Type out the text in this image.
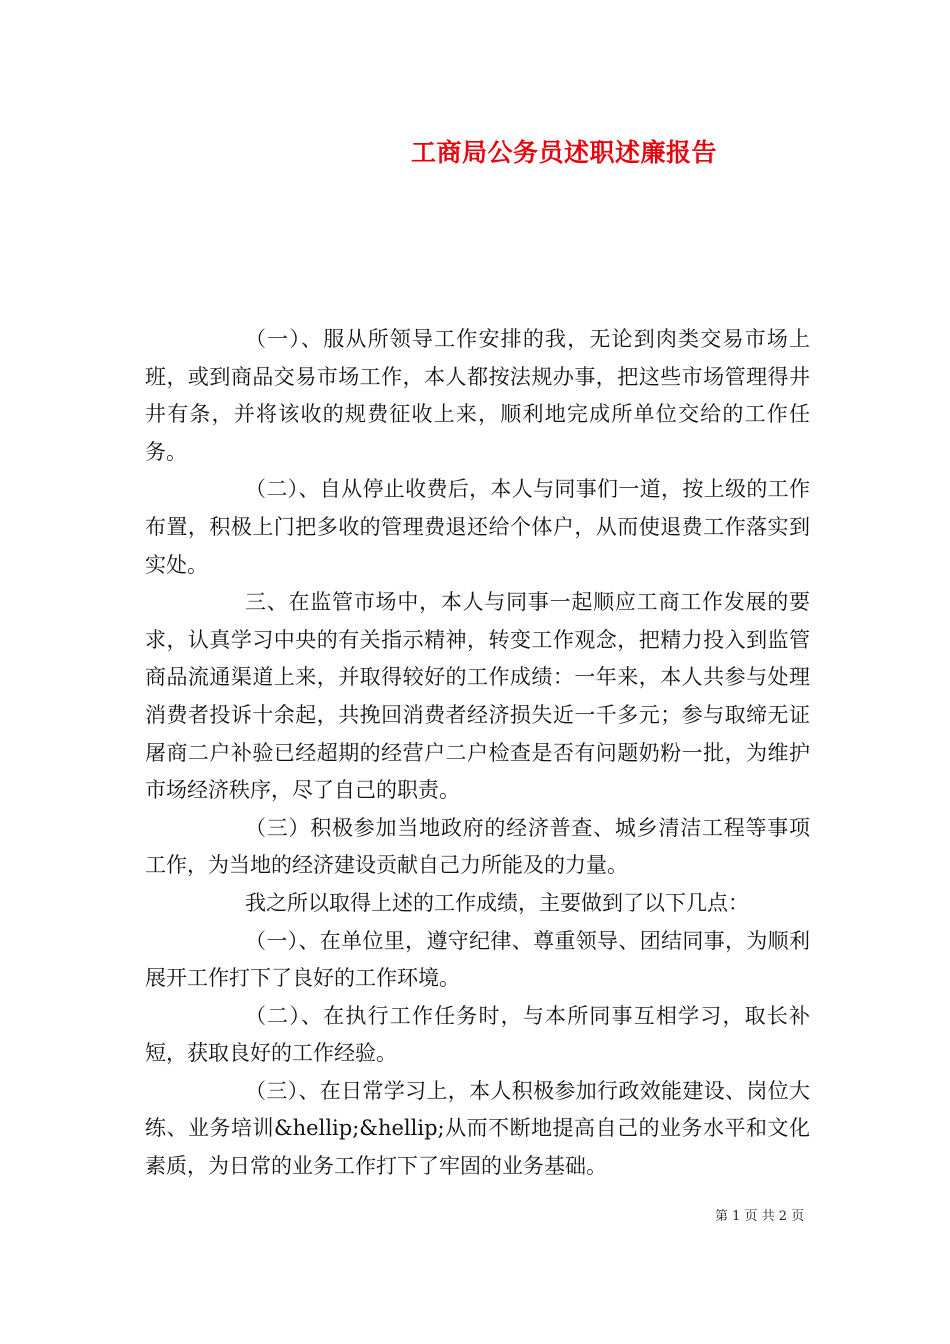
工商局公务员述职述廉报告

（一）、服从所领导工作安排的我，无论到肉类交易市场上班，或到商品交易市场工作，本人都按法规办事，把这些市场管理得井井有条，并将该收的规费征收上来，顺利地完成所单位交给的工作任务。

（二）、自从停止收费后，本人与同事们一道，按上级的工作布置，积极上门把多收的管理费退还给个体户，从而使退费工作落实到实处。

三、在监管市场中，本人与同事一起顺应工商工作发展的要求，认真学习中央的有关指示精神，转变工作观念，把精力投入到监管商品流通渠道上来，并取得较好的工作成绩：一年来，本人共参与处理消费者投诉十余起，共挽回消费者经济损失近一千多元；参与取缔无证屠商二户补验已经超期的经营户二户检查是否有问题奶粉一批，为维护市场经济秩序，尽了自己的职责。

（三）积极参加当地政府的经济普查、城乡清洁工程等事项工作，为当地的经济建设贡献自己力所能及的力量。

我之所以取得上述的工作成绩，主要做到了以下几点：

（一）、在单位里，遵守纪律、尊重领导、团结同事，为顺利展开工作打下了良好的工作环境。

（二）、在执行工作任务时，与本所同事互相学习，取长补短，获取良好的工作经验。

（三）、在日常学习上，本人积极参加行政效能建设、岗位大练、业务培训&hellip;&hellip;从而不断地提高自己的业务水平和文化素质，为日常的业务工作打下了牢固的业务基础。

第 1 页 共 2 页
